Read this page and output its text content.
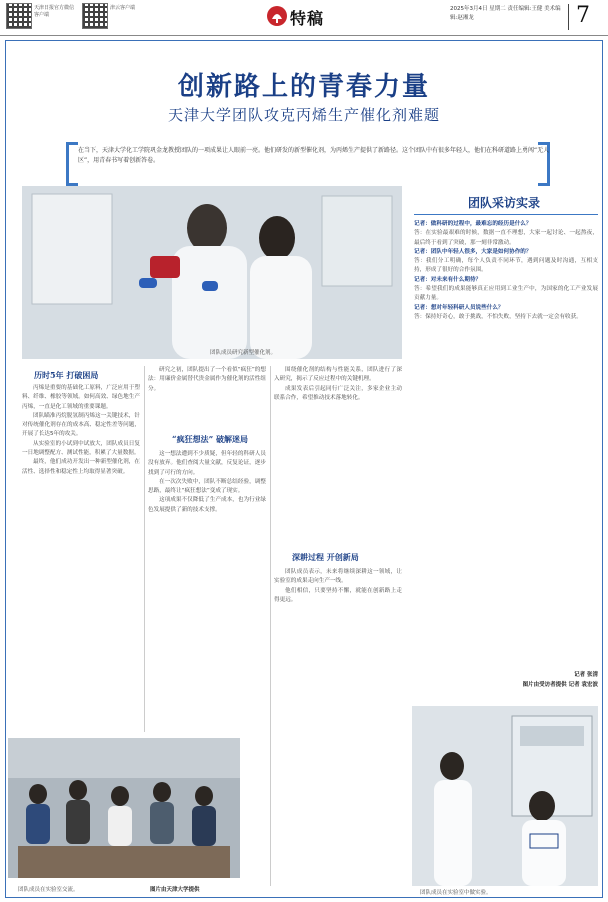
天津日报官方微信客户端
津云客户端
特稿	2025年3月4日 星期二 责任编辑:王健 美术编辑:赵湘龙	7
创新路上的青春力量
天津大学团队攻克丙烯生产催化剂难题
在当下，天津大学化工学院巩金龙教授团队的一项成果让人眼前一亮。他们研发的新型催化剂，为丙烯生产提供了新路径。这个团队中有很多年轻人，他们在科研道路上勇闯“无人区”，用青春书写着创新答卷。
团队成员研究新型催化剂。
团队采访实录

记者：做科研的过程中，最难忘的经历是什么？

答：在实验最艰难的时候，数据一直不理想，大家一起讨论、一起熬夜，最后终于看到了突破，那一刻非常激动。

记者：团队中年轻人很多，大家是如何协作的？

答：我们分工明确，每个人负责不同环节，遇到问题及时沟通，互相支持，形成了很好的合作氛围。

记者：对未来有什么期待？

答：希望我们的成果能够真正应用到工业生产中，为国家的化工产业发展贡献力量。

记者：想对年轻科研人员说些什么？

答：保持好奇心，敢于挑战，不怕失败，坚持下去就一定会有收获。

记者 张清
图片由受访者提供 记者 袁宏波
历时5年 打破困局

丙烯是重要的基础化工原料，广泛应用于塑料、纤维、橡胶等领域。如何高效、绿色地生产丙烯，一直是化工领域的重要课题。

团队瞄准丙烷脱氢制丙烯这一关键技术，针对传统催化剂存在的成本高、稳定性差等问题，开展了长达5年的攻关。

从实验室的小试到中试放大，团队成员日复一日地调整配方、测试性能，积累了大量数据。

最终，他们成功开发出一种新型催化剂，在活性、选择性和稳定性上均取得显著突破。

研究之初，团队提出了一个看似“疯狂”的想法：用廉价金属替代贵金属作为催化剂的活性组分。

“疯狂想法” 破解迷局

这一想法遭到不少质疑，但年轻的科研人员没有放弃。他们查阅大量文献，反复论证，逐步找到了可行的方向。

在一次次失败中，团队不断总结经验，调整思路，最终让“疯狂想法”变成了现实。

这项成果不仅降低了生产成本，也为行业绿色发展提供了新的技术支撑。

围绕催化剂的结构与性能关系，团队进行了深入研究，揭示了反应过程中的关键机理。

成果发表后引起同行广泛关注，多家企业主动联系合作，希望推动技术落地转化。

深耕过程 开创新局

团队成员表示，未来将继续深耕这一领域，让实验室的成果走向生产一线。

他们相信，只要坚持不懈，就能在创新路上走得更远。

团队成员在实验室交流。	图片由天津大学提供	团队成员在实验室中做实验。
